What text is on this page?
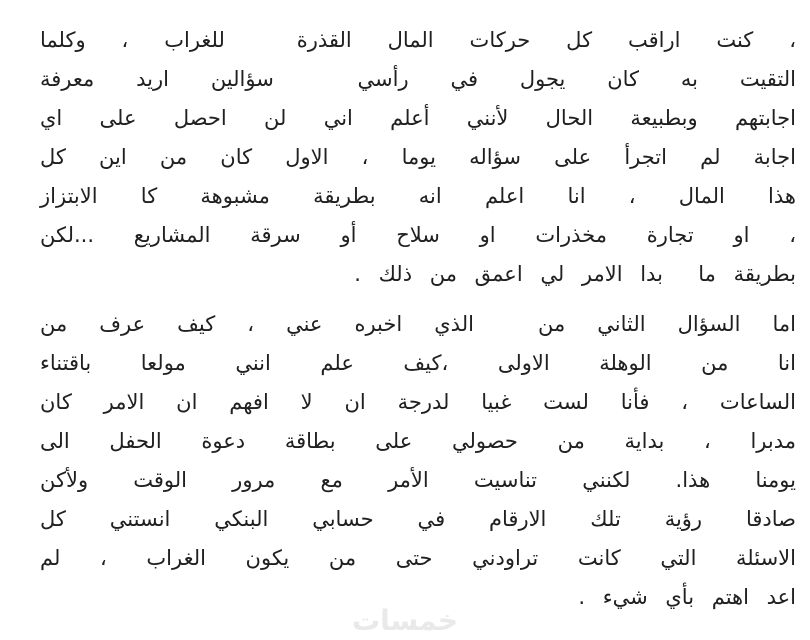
، كنت اراقب كل حركات المال القذرة  للغراب ، وكلما
التقيت به كان يجول في رأسي  سؤالين اريد معرفة
اجابتهم وبطبيعة الحال لأنني أعلم اني لن احصل على اي
اجابة لم اتجرأ على سؤاله يوما ، الاول كان من اين كل
هذا المال ، انا اعلم انه بطريقة مشبوهة كا الابتزاز
، او تجارة مخذرات او سلاح أو سرقة المشاريع ...لكن
بطريقة ما  بدا الامر لي اعمق من ذلك .
اما السؤال الثاني من  الذي اخبره عني ، كيف عرف من
انا من الوهلة الاولى ،كيف علم انني مولعا باقتناء
الساعات ، فأنا لست غبيا لدرجة ان لا افهم ان الامر كان
مدبرا ، بداية من حصولي على بطاقة دعوة الحفل الى
يومنا هذا. لكنني تناسيت الأمر مع مرور الوقت ولأكن
صادقا رؤية تلك الارقام في حسابي البنكي انستني كل
الاسئلة التي كانت تراودني حتى من يكون الغراب ، لم
اعد اهتم بأي شيء .
خمسات
